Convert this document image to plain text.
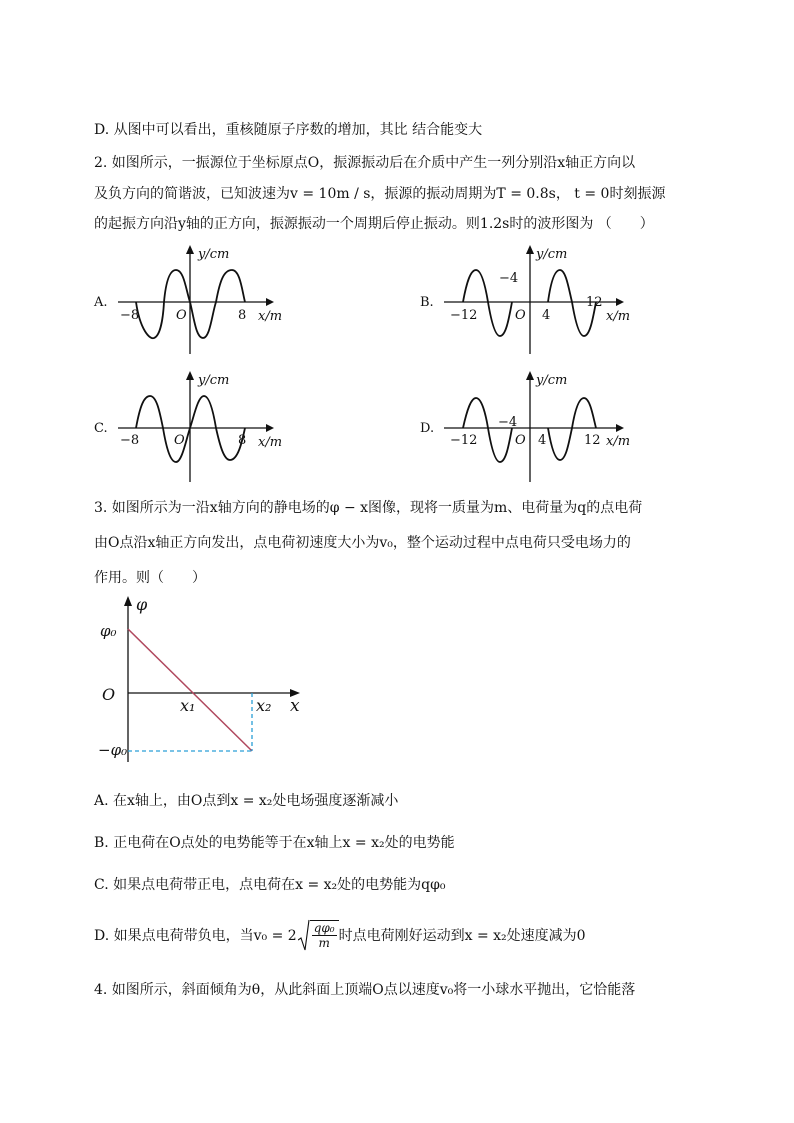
D. 从图中可以看出，重核随原子序数的增加，其比 结合能变大
2. 如图所示，一振源位于坐标原点O，振源振动后在介质中产生一列分别沿x轴正方向以
及负方向的简谐波，已知波速为v = 10m / s，振源的振动周期为T = 0.8s， t = 0时刻振源
的起振方向沿y轴的正方向，振源振动一个周期后停止振动。则1.2s时的波形图为 （　　）
A.
y/cm
x/m
O
−8	8
B.
y/cm
x/m
O
−12
−4
4
12
C.
y/cm
x/m
O
−8	8
D.
y/cm
x/m
O
−12
−4
4	12
3. 如图所示为一沿x轴方向的静电场的φ − x图像，现将一质量为m、电荷量为q的点电荷
由O点沿x轴正方向发出，点电荷初速度大小为v₀，整个运动过程中点电荷只受电场力的
作用。则（　　）
φ
φ₀
O
−φ₀
x₁	x₂ x
A. 在x轴上，由O点到x = x₂处电场强度逐渐减小
B. 正电荷在O点处的电势能等于在x轴上x = x₂处的电势能
C. 如果点电荷带正电，点电荷在x = x₂处的电势能为qφ₀
D. 如果点电荷带负电，当$v_0 = 2 \frac{\text{qφ₀}}{m}$ 时点电荷刚好运动到x = x₂处速度减为0
4. 如图所示，斜面倾角为θ，从此斜面上顶端O点以速度v₀将一小球水平抛出，它恰能落
